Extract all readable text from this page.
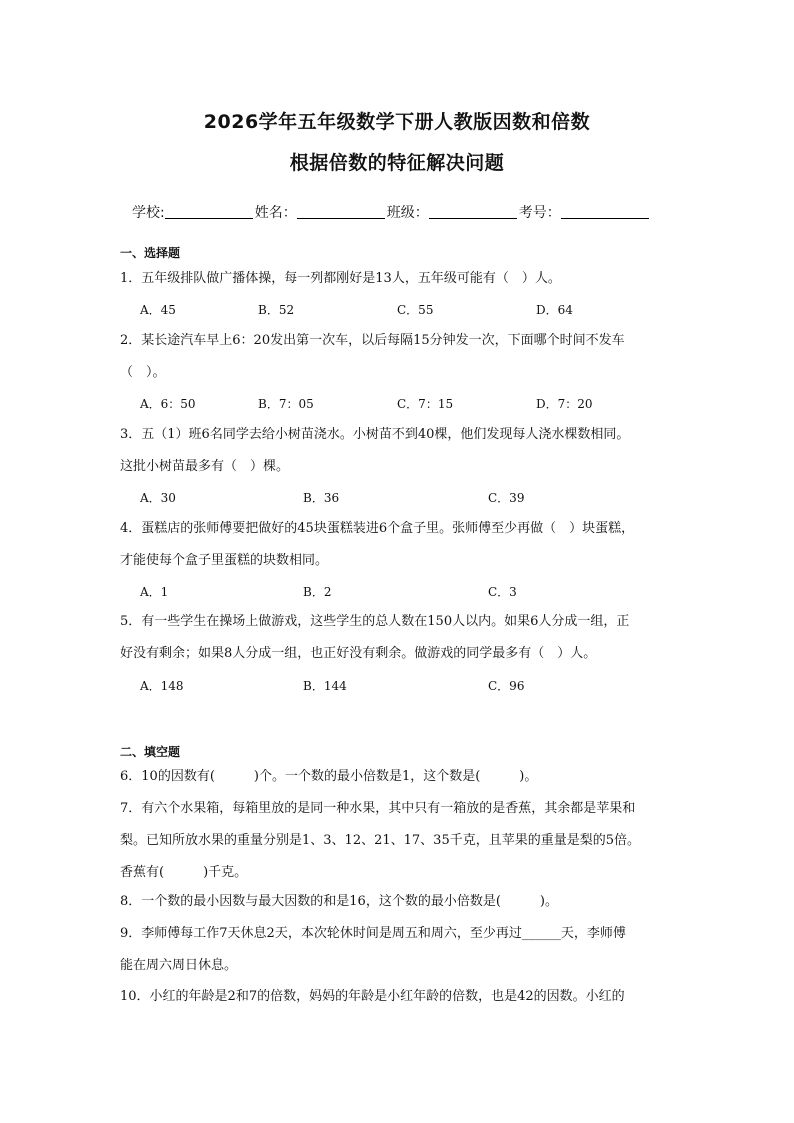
2026学年五年级数学下册人教版因数和倍数
根据倍数的特征解决问题
学校:	姓名：	班级：	考号：
一、选择题
1．五年级排队做广播体操，每一列都刚好是13人，五年级可能有（　）人。
A．45	B．52	C．55	D．64
2．某长途汽车早上6：20发出第一次车，以后每隔15分钟发一次，下面哪个时间不发车
（　）。
A．6：50	B．7：05	C．7：15	D．7：20
3．五（1）班6名同学去给小树苗浇水。小树苗不到40棵，他们发现每人浇水棵数相同。
这批小树苗最多有（　）棵。
A．30	B．36	C．39
4．蛋糕店的张师傅要把做好的45块蛋糕装进6个盒子里。张师傅至少再做（　）块蛋糕，
才能使每个盒子里蛋糕的块数相同。
A．1	B．2	C．3
5．有一些学生在操场上做游戏，这些学生的总人数在150人以内。如果6人分成一组，正
好没有剩余；如果8人分成一组，也正好没有剩余。做游戏的同学最多有（　）人。
A．148	B．144	C．96
二、填空题
6．10的因数有(　　　)个。一个数的最小倍数是1，这个数是(　　　)。
7．有六个水果箱，每箱里放的是同一种水果，其中只有一箱放的是香蕉，其余都是苹果和
梨。已知所放水果的重量分别是1、3、12、21、17、35千克，且苹果的重量是梨的5倍。
香蕉有(　　　)千克。
8．一个数的最小因数与最大因数的和是16，这个数的最小倍数是(　　　)。
9．李师傅每工作7天休息2天，本次轮休时间是周五和周六，至少再过______天，李师傅
能在周六周日休息。
10．小红的年龄是2和7的倍数，妈妈的年龄是小红年龄的倍数，也是42的因数。小红的
